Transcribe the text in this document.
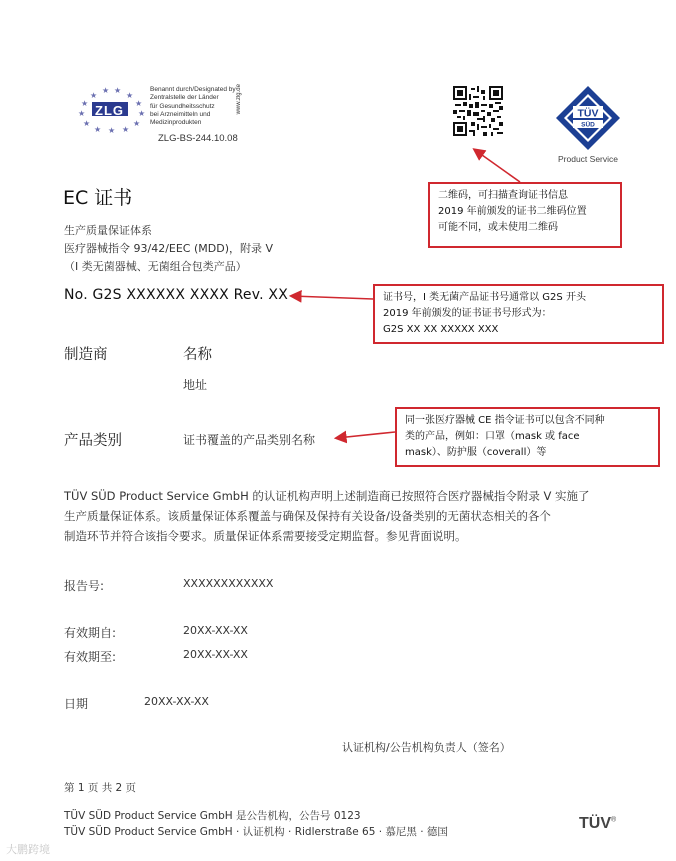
★ ★
★	★
★	★
★	★
★	★
★	★
★
ZLG
Benannt durch/Designated by
Zentralstelle der Länder
für Gesundheitsschutz
bei Arzneimitteln und
Medizinprodukten
www.zlg.de
ZLG-BS-244.10.08
TÜV
SÜD
Product Service
EC 证书
生产质量保证体系
医疗器械指令 93/42/EEC (MDD)，附录 V
（I 类无菌器械、无菌组合包类产品）
No. G2S XXXXXX XXXX Rev. XX
制造商	名称
地址
产品类别	证书覆盖的产品类别名称
TÜV SÜD Product Service GmbH 的认证机构声明上述制造商已按照符合医疗器械指令附录 V 实施了
生产质量保证体系。该质量保证体系覆盖与确保及保持有关设备/设备类别的无菌状态相关的各个
制造环节并符合该指令要求。质量保证体系需要接受定期监督。参见背面说明。
报告号:	XXXXXXXXXXXX
有效期自:	20XX-XX-XX
有效期至:	20XX-XX-XX
日期	20XX-XX-XX
认证机构/公告机构负责人（签名）
第 1 页 共 2 页
TÜV SÜD Product Service GmbH 是公告机构，公告号 0123
TÜV SÜD Product Service GmbH · 认证机构 · Ridlerstraße 65 · 慕尼黑 · 德国	TÜV®
大鹏跨境
二维码，可扫描查询证书信息
2019 年前颁发的证书二维码位置
可能不同，或未使用二维码
证书号，I 类无菌产品证书号通常以 G2S 开头
2019 年前颁发的证书证书号形式为：
G2S XX XX XXXXX XXX
同一张医疗器械 CE 指令证书可以包含不同种
类的产品，例如：口罩（mask 或 face
mask）、防护服（coverall）等
